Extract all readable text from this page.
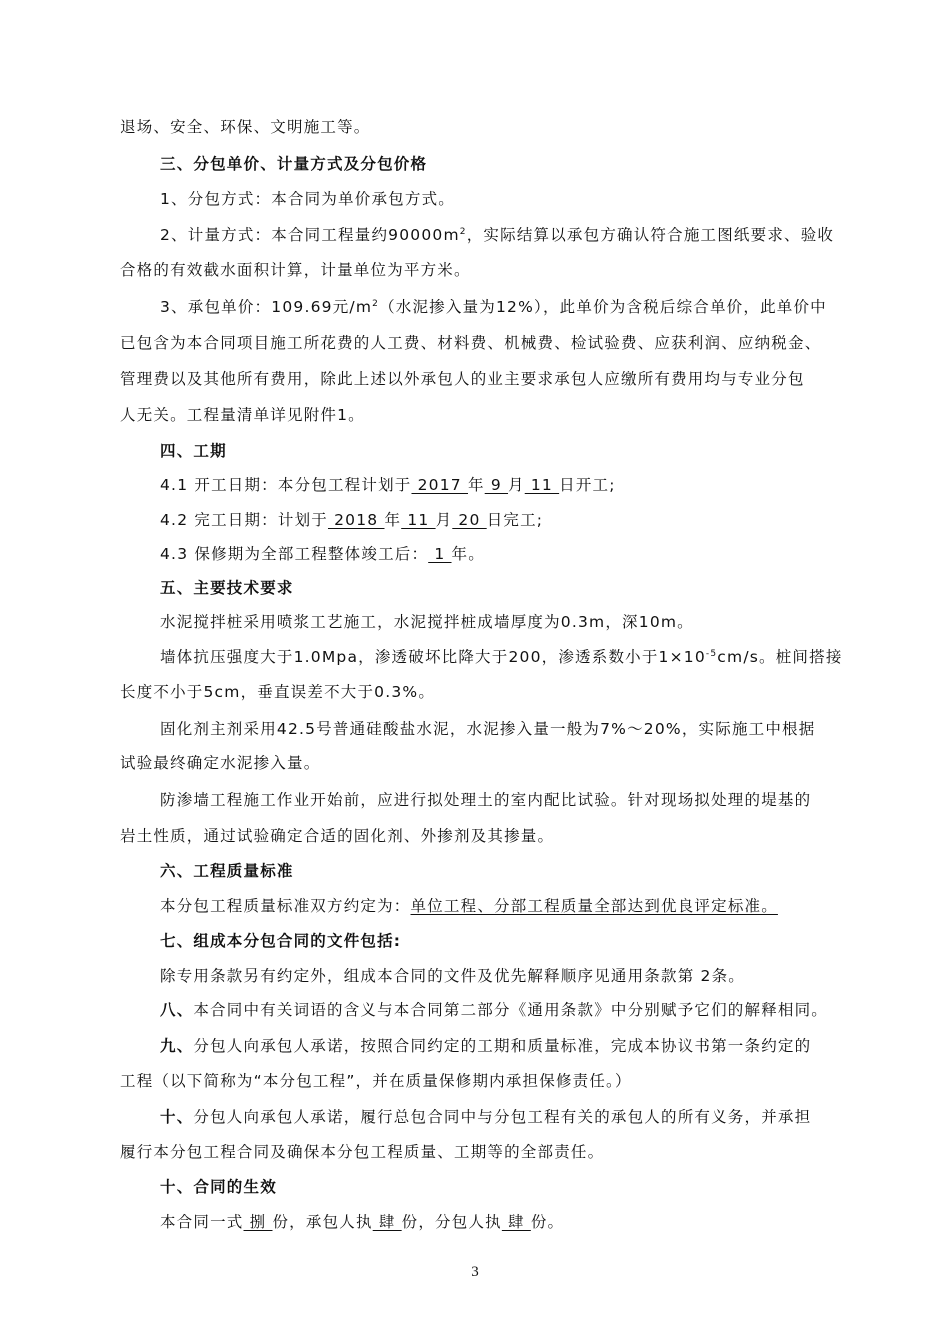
退场、安全、环保、文明施工等。
三、分包单价、计量方式及分包价格
1、分包方式：本合同为单价承包方式。
2、计量方式：本合同工程量约$90000m^2$，实际结算以承包方确认符合施工图纸要求、验收
合格的有效截水面积计算，计量单位为平方米。
3、承包单价：109.69元$/m^2$（水泥掺入量为12%），此单价为含税后综合单价，此单价中
已包含为本合同项目施工所花费的人工费、材料费、机械费、检试验费、应获利润、应纳税金、
管理费以及其他所有费用，除此上述以外承包人的业主要求承包人应缴所有费用均与专业分包
人无关。工程量清单详见附件1。
四、工期
4.1 开工日期：本分包工程计划于 2017 年 9 月 11 日开工;
4.2 完工日期：计划于 2018 年 11 月 20 日完工;
4.3 保修期为全部工程整体竣工后： 1 年。
五、主要技术要求
水泥搅拌桩采用喷浆工艺施工，水泥搅拌桩成墙厚度为0.3m，深10m。
墙体抗压强度大于1.0Mpa，渗透破坏比降大于200，渗透系数小于$1\times 10^{-5}cm/s$。桩间搭接
长度不小于5cm，垂直误差不大于0.3%。
固化剂主剂采用42.5号普通硅酸盐水泥，水泥掺入量一般为7%～20%，实际施工中根据
试验最终确定水泥掺入量。
防渗墙工程施工作业开始前，应进行拟处理土的室内配比试验。针对现场拟处理的堤基的
岩土性质，通过试验确定合适的固化剂、外掺剂及其掺量。
六、工程质量标准
本分包工程质量标准双方约定为：单位工程、分部工程质量全部达到优良评定标准。
七、组成本分包合同的文件包括:
除专用条款另有约定外，组成本合同的文件及优先解释顺序见通用条款第 2条。
八、本合同中有关词语的含义与本合同第二部分《通用条款》中分别赋予它们的解释相同。
九、分包人向承包人承诺，按照合同约定的工期和质量标准，完成本协议书第一条约定的
工程（以下简称为“本分包工程”，并在质量保修期内承担保修责任。）
十、分包人向承包人承诺，履行总包合同中与分包工程有关的承包人的所有义务，并承担
履行本分包工程合同及确保本分包工程质量、工期等的全部责任。
十、合同的生效
本合同一式 捌 份，承包人执 肆 份，分包人执 肆 份。
3
